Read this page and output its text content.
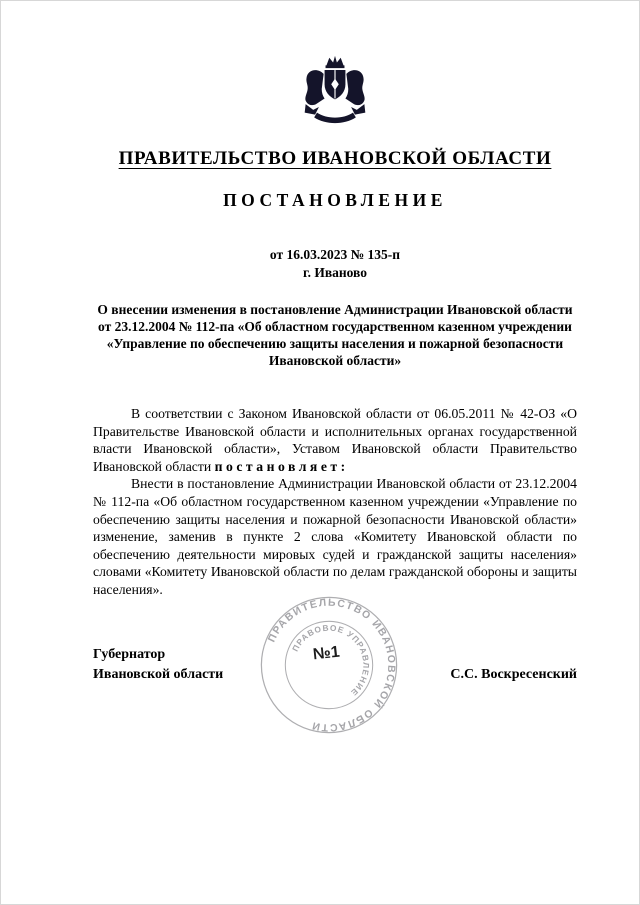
ПРАВИТЕЛЬСТВО ИВАНОВСКОЙ ОБЛАСТИ
ПОСТАНОВЛЕНИЕ
от 16.03.2023 № 135-п
г. Иваново
О внесении изменения в постановление Администрации Ивановской области от 23.12.2004 № 112-па «Об областном государственном казенном учреждении «Управление по обеспечению защиты населения и пожарной безопасности Ивановской области»

В соответствии с Законом Ивановской области от 06.05.2011 № 42-ОЗ «О Правительстве Ивановской области и исполнительных органах государственной власти Ивановской области», Уставом Ивановской области Правительство Ивановской области постановляет:

Внести в постановление Администрации Ивановской области от 23.12.2004 № 112-па «Об областном государственном казенном учреждении «Управление по обеспечению защиты населения и пожарной безопасности Ивановской области» изменение, заменив в пункте 2 слова «Комитету Ивановской области по обеспечению деятельности мировых судей и гражданской защиты населения» словами «Комитету Ивановской области по делам гражданской обороны и защиты населения».

Губернатор
Ивановской области	С.С. Воскресенский
ПРАВИТЕЛЬСТВО ИВАНОВСКОЙ ОБЛАСТИ
ПРАВОВОЕ УПРАВЛЕНИЕ
№1
